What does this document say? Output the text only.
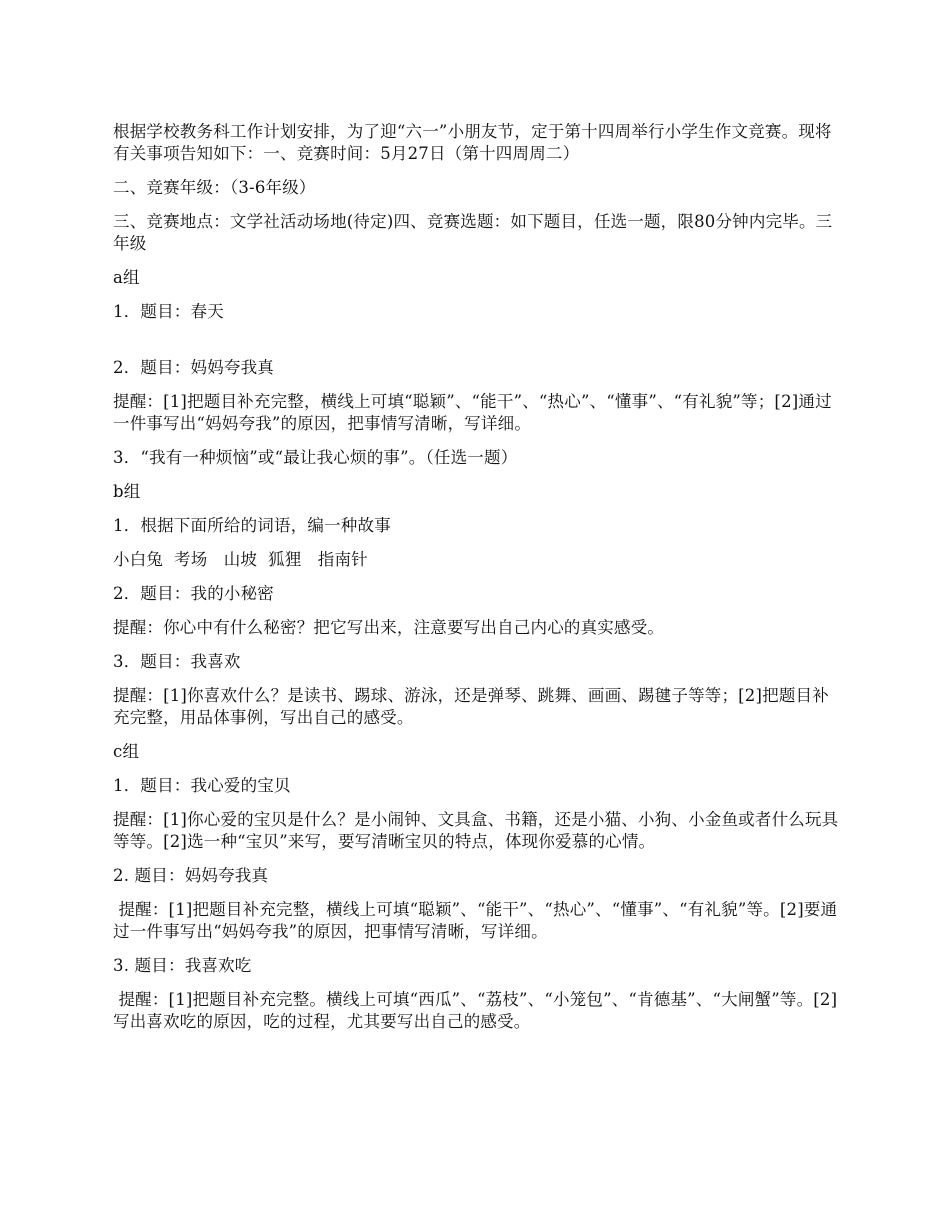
根据学校教务科工作计划安排，为了迎“六一”小朋友节，定于第十四周举行小学生作文竞赛。现将有关事项告知如下：一、竞赛时间：5月27日（第十四周周二）

二、竞赛年级：（3-6年级）

三、竞赛地点：文学社活动场地(待定)四、竞赛选题：如下题目，任选一题，限80分钟内完毕。三年级

a组

1．题目：春天

2．题目：妈妈夸我真

提醒：[1]把题目补充完整，横线上可填“聪颖”、“能干”、“热心”、“懂事”、“有礼貌”等；[2]通过一件事写出“妈妈夸我”的原因，把事情写清晰，写详细。

3．“我有一种烦恼”或“最让我心烦的事”。（任选一题）

b组

1．根据下面所给的词语，编一种故事

小白兔  考场   山坡  狐狸   指南针

2．题目：我的小秘密

提醒：你心中有什么秘密？把它写出来，注意要写出自己内心的真实感受。

3．题目：我喜欢

提醒：[1]你喜欢什么？是读书、踢球、游泳，还是弹琴、跳舞、画画、踢毽子等等；[2]把题目补充完整，用品体事例，写出自己的感受。

c组

1．题目：我心爱的宝贝

提醒：[1]你心爱的宝贝是什么？是小闹钟、文具盒、书籍，还是小猫、小狗、小金鱼或者什么玩具等等。[2]选一种“宝贝”来写，要写清晰宝贝的特点，体现你爱慕的心情。

2. 题目：妈妈夸我真

提醒：[1]把题目补充完整，横线上可填“聪颖”、“能干”、“热心”、“懂事”、“有礼貌”等。[2]要通过一件事写出“妈妈夸我”的原因，把事情写清晰，写详细。

3. 题目：我喜欢吃

提醒：[1]把题目补充完整。横线上可填“西瓜”、“荔枝”、“小笼包”、“肯德基”、“大闸蟹”等。[2]写出喜欢吃的原因，吃的过程，尤其要写出自己的感受。
